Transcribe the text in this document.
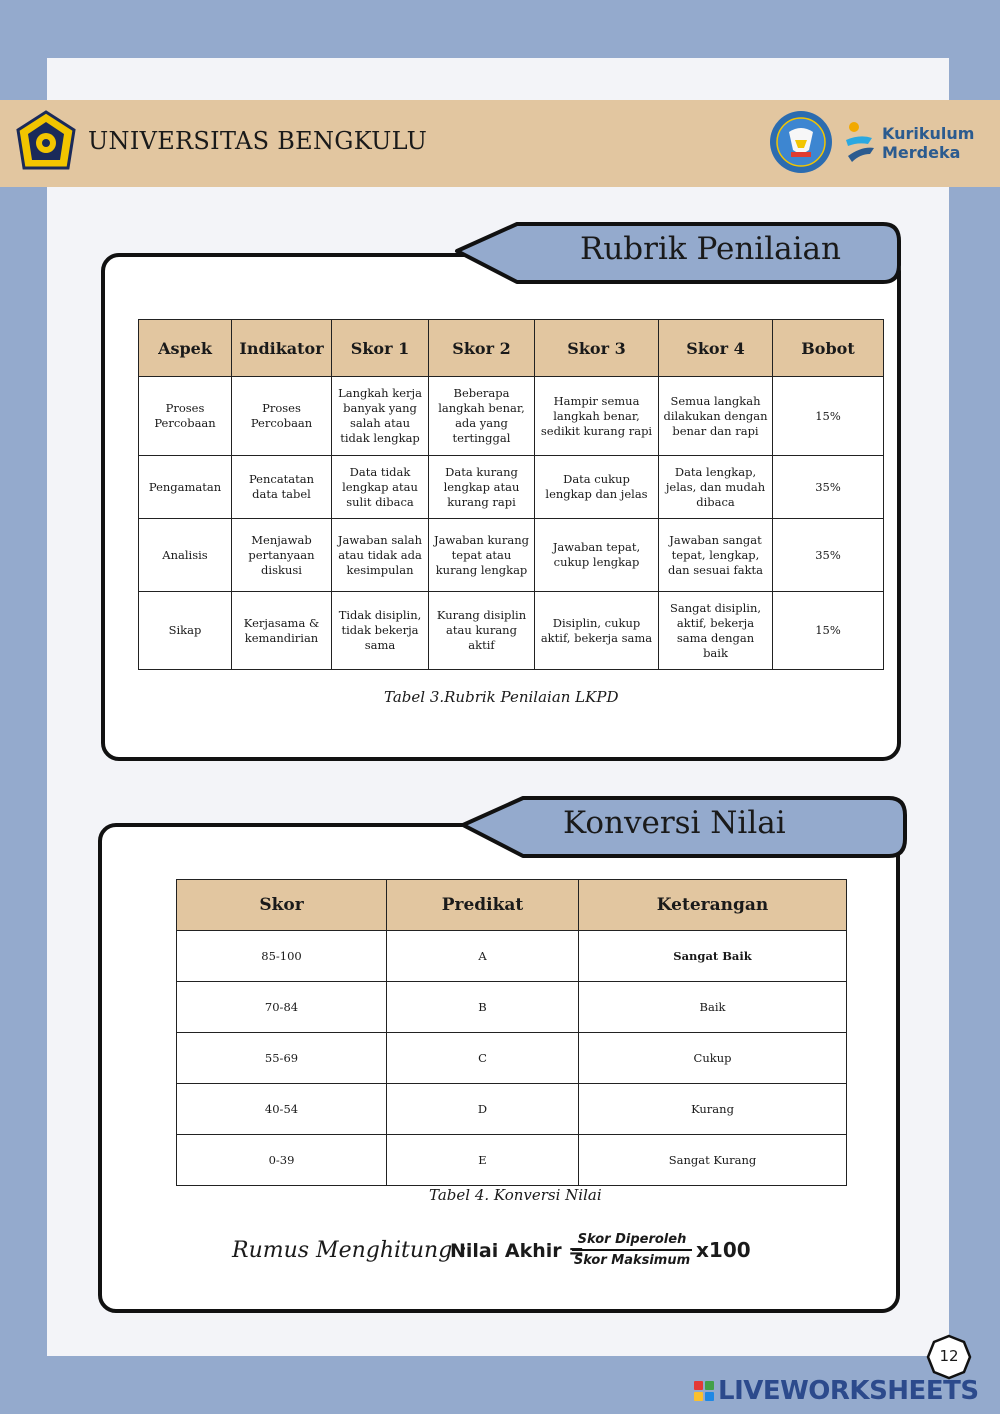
UNIVERSITAS BENGKULU	Kurikulum
Merdeka
Rubrik Penilaian
Aspek	Indikator	Skor 1	Skor 2	Skor 3	Skor 4	Bobot
Proses Percobaan	Proses Percobaan	Langkah kerja banyak yang salah atau tidak lengkap	Beberapa langkah benar, ada yang tertinggal	Hampir semua langkah benar, sedikit kurang rapi	Semua langkah dilakukan dengan benar dan rapi	15%
Pengamatan	Pencatatan data tabel	Data tidak lengkap atau sulit dibaca	Data kurang lengkap atau kurang rapi	Data cukup lengkap dan jelas	Data lengkap, jelas, dan mudah dibaca	35%
Analisis	Menjawab pertanyaan diskusi	Jawaban salah atau tidak ada kesimpulan	Jawaban kurang tepat atau kurang lengkap	Jawaban tepat, cukup lengkap	Jawaban sangat tepat, lengkap, dan sesuai fakta	35%
Sikap	Kerjasama & kemandirian	Tidak disiplin, tidak bekerja sama	Kurang disiplin atau kurang aktif	Disiplin, cukup aktif, bekerja sama	Sangat disiplin, aktif, bekerja sama dengan baik	15%
Tabel 3.Rubrik Penilaian LKPD
Konversi Nilai
Skor	Predikat	Keterangan
85-100	A	Sangat Baik
70-84	B	Baik
55-69	C	Cukup
40-54	D	Kurang
0-39	E	Sangat Kurang
Tabel 4. Konversi Nilai
Rumus Menghitung :
Nilai Akhir =
Skor Diperoleh
Skor Maksimum x100
12
LIVEWORKSHEETS
